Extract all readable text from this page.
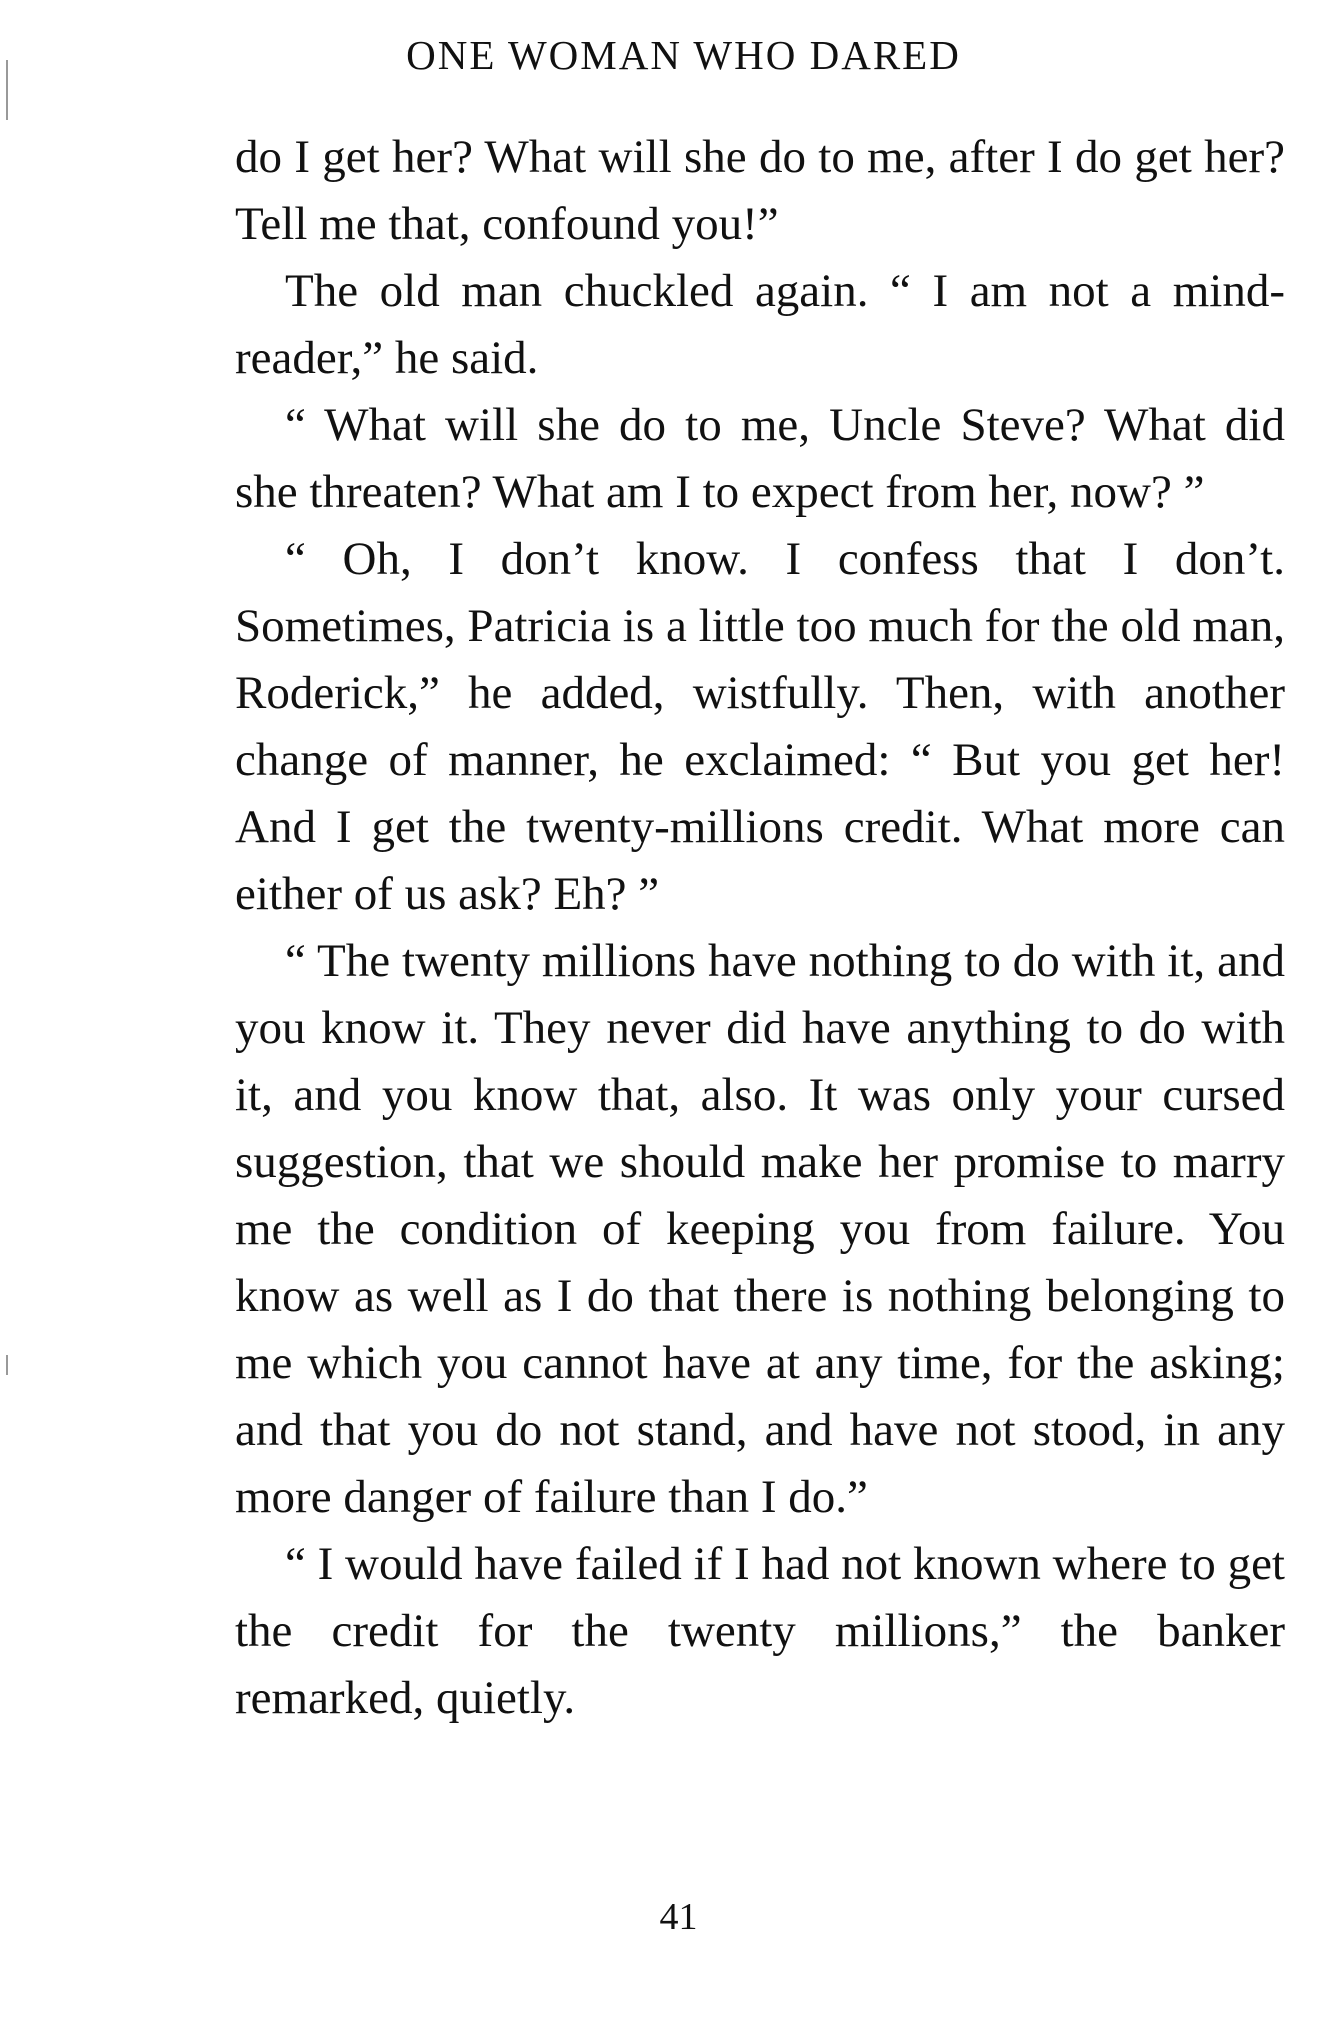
ONE WOMAN WHO DARED

do I get her? What will she do to me, after I do get her? Tell me that, confound you!”

The old man chuckled again. “ I am not a mind-reader,” he said.

“ What will she do to me, Uncle Steve? What did she threaten? What am I to expect from her, now? ”

“ Oh, I don’t know. I confess that I don’t. Sometimes, Patricia is a little too much for the old man, Roderick,” he added, wistfully. Then, with another change of manner, he exclaimed: “ But you get her! And I get the twenty-millions credit. What more can either of us ask? Eh? ”

“ The twenty millions have nothing to do with it, and you know it. They never did have anything to do with it, and you know that, also. It was only your cursed suggestion, that we should make her promise to marry me the condition of keeping you from failure. You know as well as I do that there is nothing belonging to me which you cannot have at any time, for the asking; and that you do not stand, and have not stood, in any more danger of failure than I do.”

“ I would have failed if I had not known where to get the credit for the twenty millions,” the banker remarked, quietly.

41
